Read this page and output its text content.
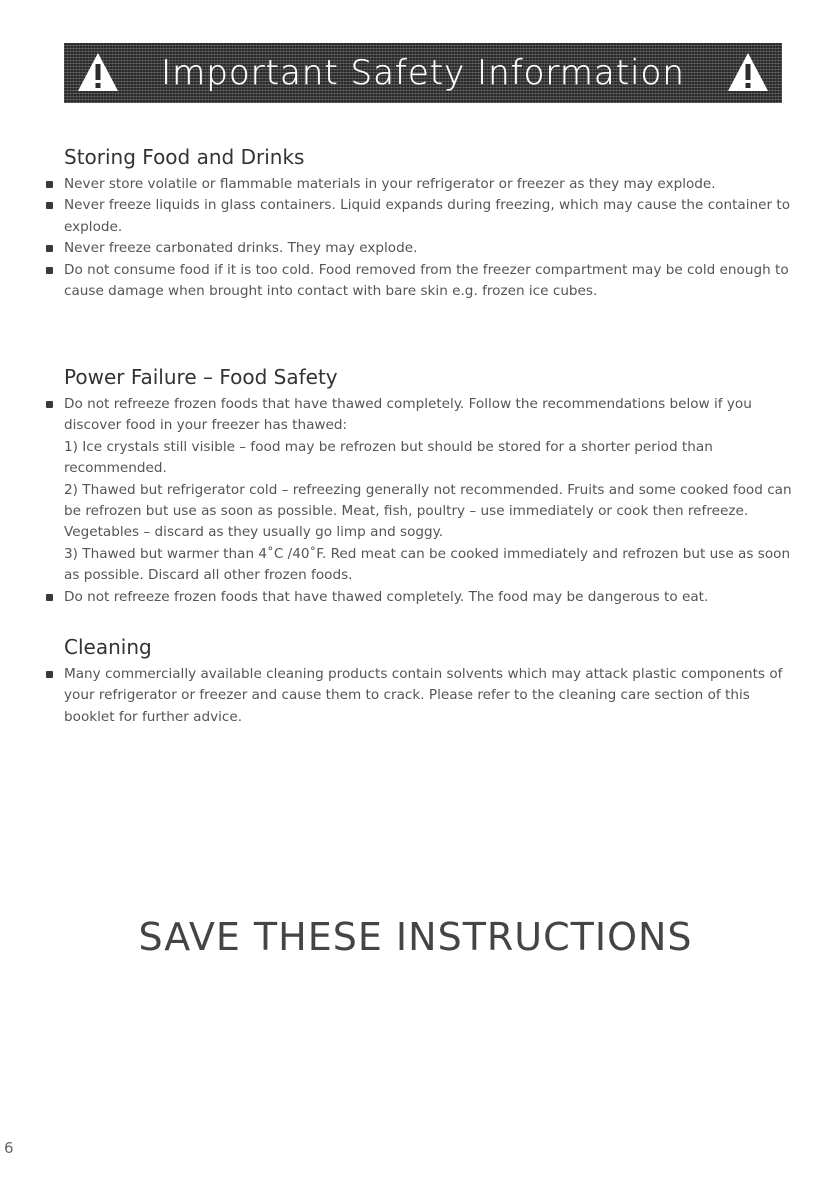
Important Safety Information
Storing Food and Drinks
Never store volatile or flammable materials in your refrigerator or freezer as they may explode.
Never freeze liquids in glass containers. Liquid expands during freezing, which may cause the container to explode.
Never freeze carbonated drinks. They may explode.
Do not consume food if it is too cold. Food removed from the freezer compartment may be cold enough to cause damage when brought into contact with bare skin e.g. frozen ice cubes.
Power Failure – Food Safety
Do not refreeze frozen foods that have thawed completely. Follow the recommendations below if you discover food in your freezer has thawed:
1) Ice crystals still visible – food may be refrozen but should be stored for a shorter period than recommended.
2) Thawed but refrigerator cold – refreezing generally not recommended. Fruits and some cooked food can be refrozen but use as soon as possible. Meat, fish, poultry – use immediately or cook then refreeze. Vegetables – discard as they usually go limp and soggy.
3) Thawed but warmer than 4˚C /40˚F. Red meat can be cooked immediately and refrozen but use as soon as possible. Discard all other frozen foods.
Do not refreeze frozen foods that have thawed completely. The food may be dangerous to eat.
Cleaning
Many commercially available cleaning products contain solvents which may attack plastic components of your refrigerator or freezer and cause them to crack. Please refer to the cleaning care section of this booklet for further advice.
SAVE THESE INSTRUCTIONS
6
